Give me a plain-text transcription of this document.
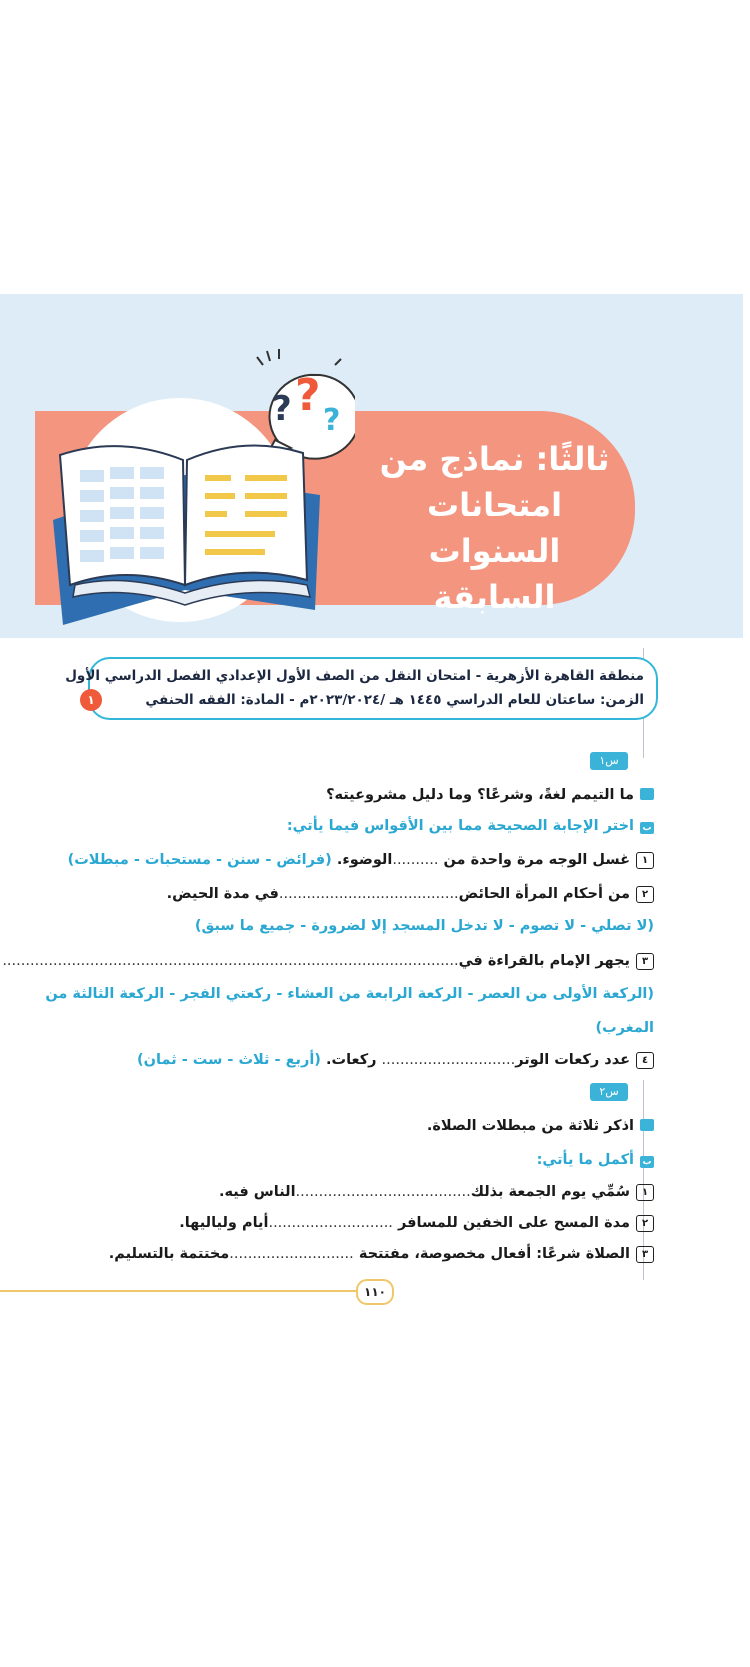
? ? ?
ثالثًا: نماذج من
امتحانات السنوات
السابقة
منطقة القاهرة الأزهرية - امتحان النقل من الصف الأول الإعدادي الفصل الدراسي الأول
الزمن: ساعتان للعام الدراسي ١٤٤٥ هـ /٢٠٢٣/٢٠٢٤م - المادة: الفقه الحنفي
١
س١
ما التيمم لغةً، وشرعًا؟ وما دليل مشروعيته؟
باختر الإجابة الصحيحة مما بين الأقواس فيما يأتي:
١غسل الوجه مرة واحدة من ..........الوضوء. (فرائض - سنن - مستحبات - مبطلات)
٢من أحكام المرأة الحائض.......................................في مدة الحيض.
(لا تصلي - لا تصوم - لا تدخل المسجد إلا لضرورة - جميع ما سبق)
٣يجهر الإمام بالقراءة في...................................................................................................
(الركعة الأولى من العصر - الركعة الرابعة من العشاء - ركعتي الفجر - الركعة الثالثة من
المغرب)
٤عدد ركعات الوتر............................. ركعات. (أربع - ثلاث - ست - ثمان)
س٢
اذكر ثلاثة من مبطلات الصلاة.
بأكمل ما يأتي:
١سُمِّي يوم الجمعة بذلك......................................الناس فيه.
٢مدة المسح على الخفين للمسافر ...........................أيام ولياليها.
٣الصلاة شرعًا: أفعال مخصوصة، مفتتحة ...........................مختتمة بالتسليم.
١١٠
